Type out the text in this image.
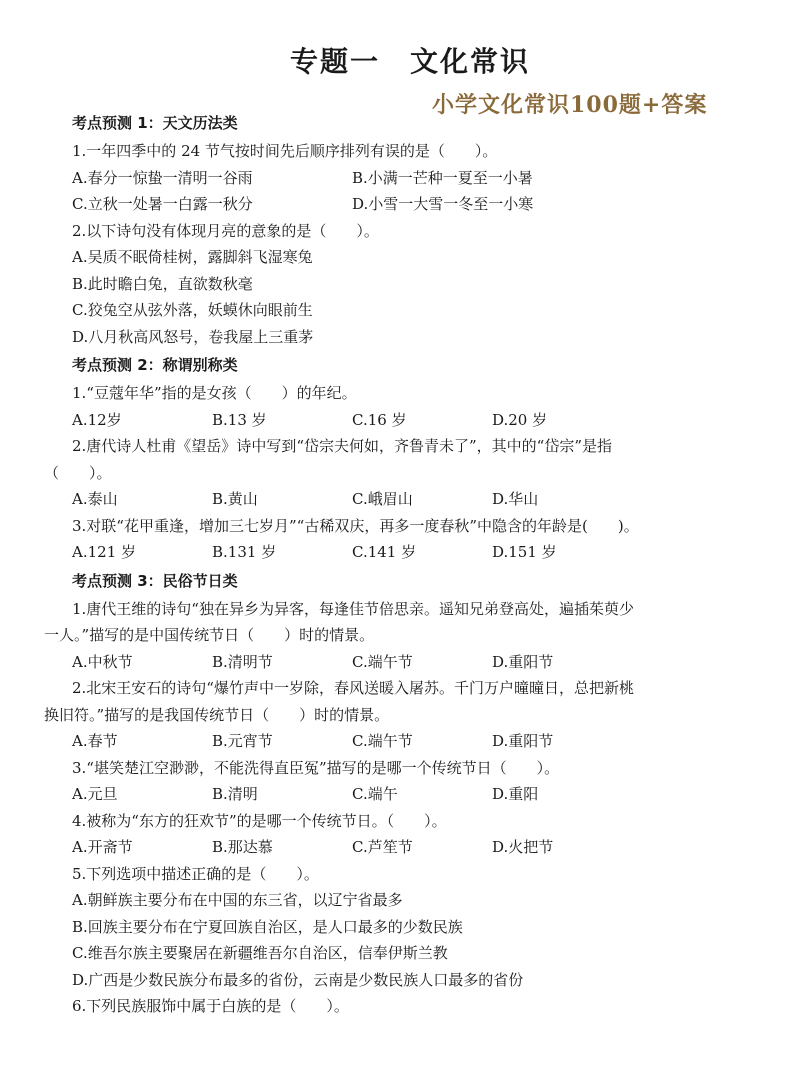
专题一　文化常识
小学文化常识100题+答案
考点预测 1：天文历法类
1.一年四季中的 24 节气按时间先后顺序排列有误的是（　　）。
A.春分一惊蛰一清明一谷雨	B.小满一芒种一夏至一小暑
C.立秋一处暑一白露一秋分	D.小雪一大雪一冬至一小寒
2.以下诗句没有体现月亮的意象的是（　　）。
A.吴质不眠倚桂树，露脚斜飞湿寒兔
B.此时瞻白兔，直欲数秋毫
C.狡兔空从弦外落，妖蟆休向眼前生
D.八月秋高风怒号，卷我屋上三重茅
考点预测 2：称谓别称类
1.“豆蔻年华”指的是女孩（　　）的年纪。
A.12岁	B.13 岁	C.16 岁	D.20 岁
2.唐代诗人杜甫《望岳》诗中写到“岱宗夫何如，齐鲁青未了”，其中的“岱宗”是指
（　　）。
A.泰山	B.黄山	C.峨眉山	D.华山
3.对联“花甲重逢，增加三七岁月”“古稀双庆，再多一度春秋”中隐含的年龄是(　　)。
A.121 岁	B.131 岁	C.141 岁	D.151 岁
考点预测 3：民俗节日类
1.唐代王维的诗句“独在异乡为异客，每逢佳节倍思亲。遥知兄弟登高处，遍插茱萸少
一人。”描写的是中国传统节日（　　）时的情景。
A.中秋节	B.清明节	C.端午节	D.重阳节
2.北宋王安石的诗句“爆竹声中一岁除，春风送暖入屠苏。千门万户曈曈日，总把新桃
换旧符。”描写的是我国传统节日（　　）时的情景。
A.春节	B.元宵节	C.端午节	D.重阳节
3.“堪笑楚江空渺渺，不能洗得直臣冤”描写的是哪一个传统节日（　　）。
A.元旦	B.清明	C.端午	D.重阳
4.被称为“东方的狂欢节”的是哪一个传统节日。（　　）。
A.开斋节	B.那达慕	C.芦笙节	D.火把节
5.下列选项中描述正确的是（　　）。
A.朝鲜族主要分布在中国的东三省，以辽宁省最多
B.回族主要分布在宁夏回族自治区，是人口最多的少数民族
C.维吾尔族主要聚居在新疆维吾尔自治区，信奉伊斯兰教
D.广西是少数民族分布最多的省份，云南是少数民族人口最多的省份
6.下列民族服饰中属于白族的是（　　）。
